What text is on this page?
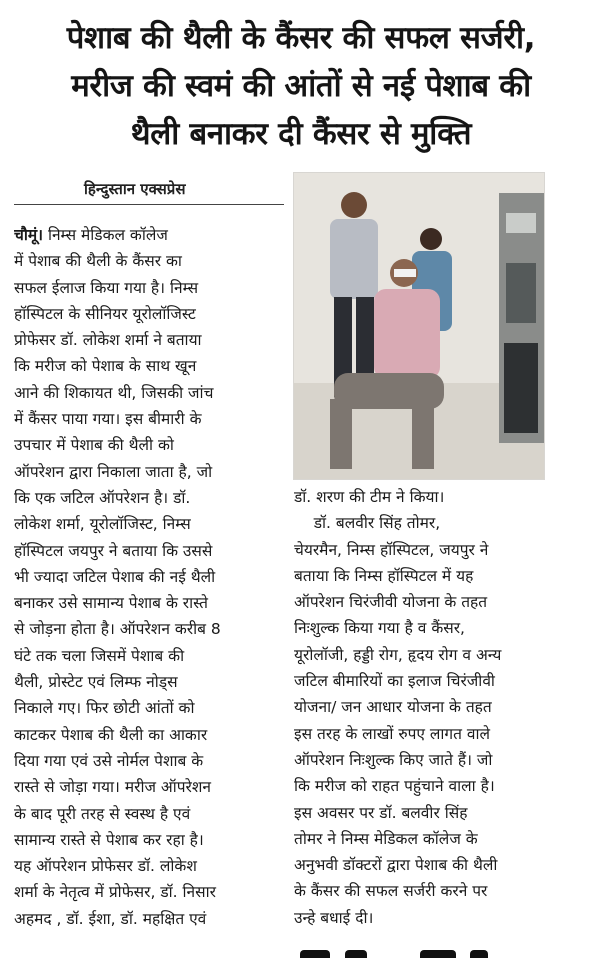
पेशाब की थैली के कैंसर की सफल सर्जरी,
मरीज की स्वमं की आंतों से नई पेशाब की
थैली बनाकर दी कैंसर से मुक्ति
हिन्दुस्तान एक्सप्रेस
चौमूं। निम्स मेडिकल कॉलेज
में पेशाब की थैली के कैंसर का
सफल ईलाज किया गया है। निम्स
हॉस्पिटल के सीनियर यूरोलॉजिस्ट
प्रोफेसर डॉ. लोकेश शर्मा ने बताया
कि मरीज को पेशाब के साथ खून
आने की शिकायत थी, जिसकी जांच
में कैंसर पाया गया। इस बीमारी के
उपचार में पेशाब की थैली को
ऑपरेशन द्वारा निकाला जाता है, जो
कि एक जटिल ऑपरेशन है। डॉ.
लोकेश शर्मा, यूरोलॉजिस्ट, निम्स
हॉस्पिटल जयपुर ने बताया कि उससे
भी ज्यादा जटिल पेशाब की नई थैली
बनाकर उसे सामान्य पेशाब के रास्ते
से जोड़ना होता है। ऑपरेशन करीब 8
घंटे तक चला जिसमें पेशाब की
थैली, प्रोस्टेट एवं लिम्फ नोड्स
निकाले गए। फिर छोटी आंतों को
काटकर पेशाब की थैली का आकार
दिया गया एवं उसे नोर्मल पेशाब के
रास्ते से जोड़ा गया। मरीज ऑपरेशन
के बाद पूरी तरह से स्वस्थ है एवं
सामान्य रास्ते से पेशाब कर रहा है।
यह ऑपरेशन प्रोफेसर डॉ. लोकेश
शर्मा के नेतृत्व में प्रोफेसर, डॉ. निसार
अहमद , डॉ. ईशा, डॉ. महक्षित एवं
डॉ. शरण की टीम ने किया।
डॉ. बलवीर सिंह तोमर,
चेयरमैन, निम्स हॉस्पिटल, जयपुर ने
बताया कि निम्स हॉस्पिटल में यह
ऑपरेशन चिरंजीवी योजना के तहत
निःशुल्क किया गया है व कैंसर,
यूरोलॉजी, हड्डी रोग, हृदय रोग व अन्य
जटिल बीमारियों का इलाज चिरंजीवी
योजना/ जन आधार योजना के तहत
इस तरह के लाखों रुपए लागत वाले
ऑपरेशन निःशुल्क किए जाते हैं। जो
कि मरीज को राहत पहुंचाने वाला है।
इस अवसर पर डॉ. बलवीर सिंह
तोमर ने निम्स मेडिकल कॉलेज के
अनुभवी डॉक्टरों द्वारा पेशाब की थैली
के कैंसर की सफल सर्जरी करने पर
उन्हे बधाई दी।
